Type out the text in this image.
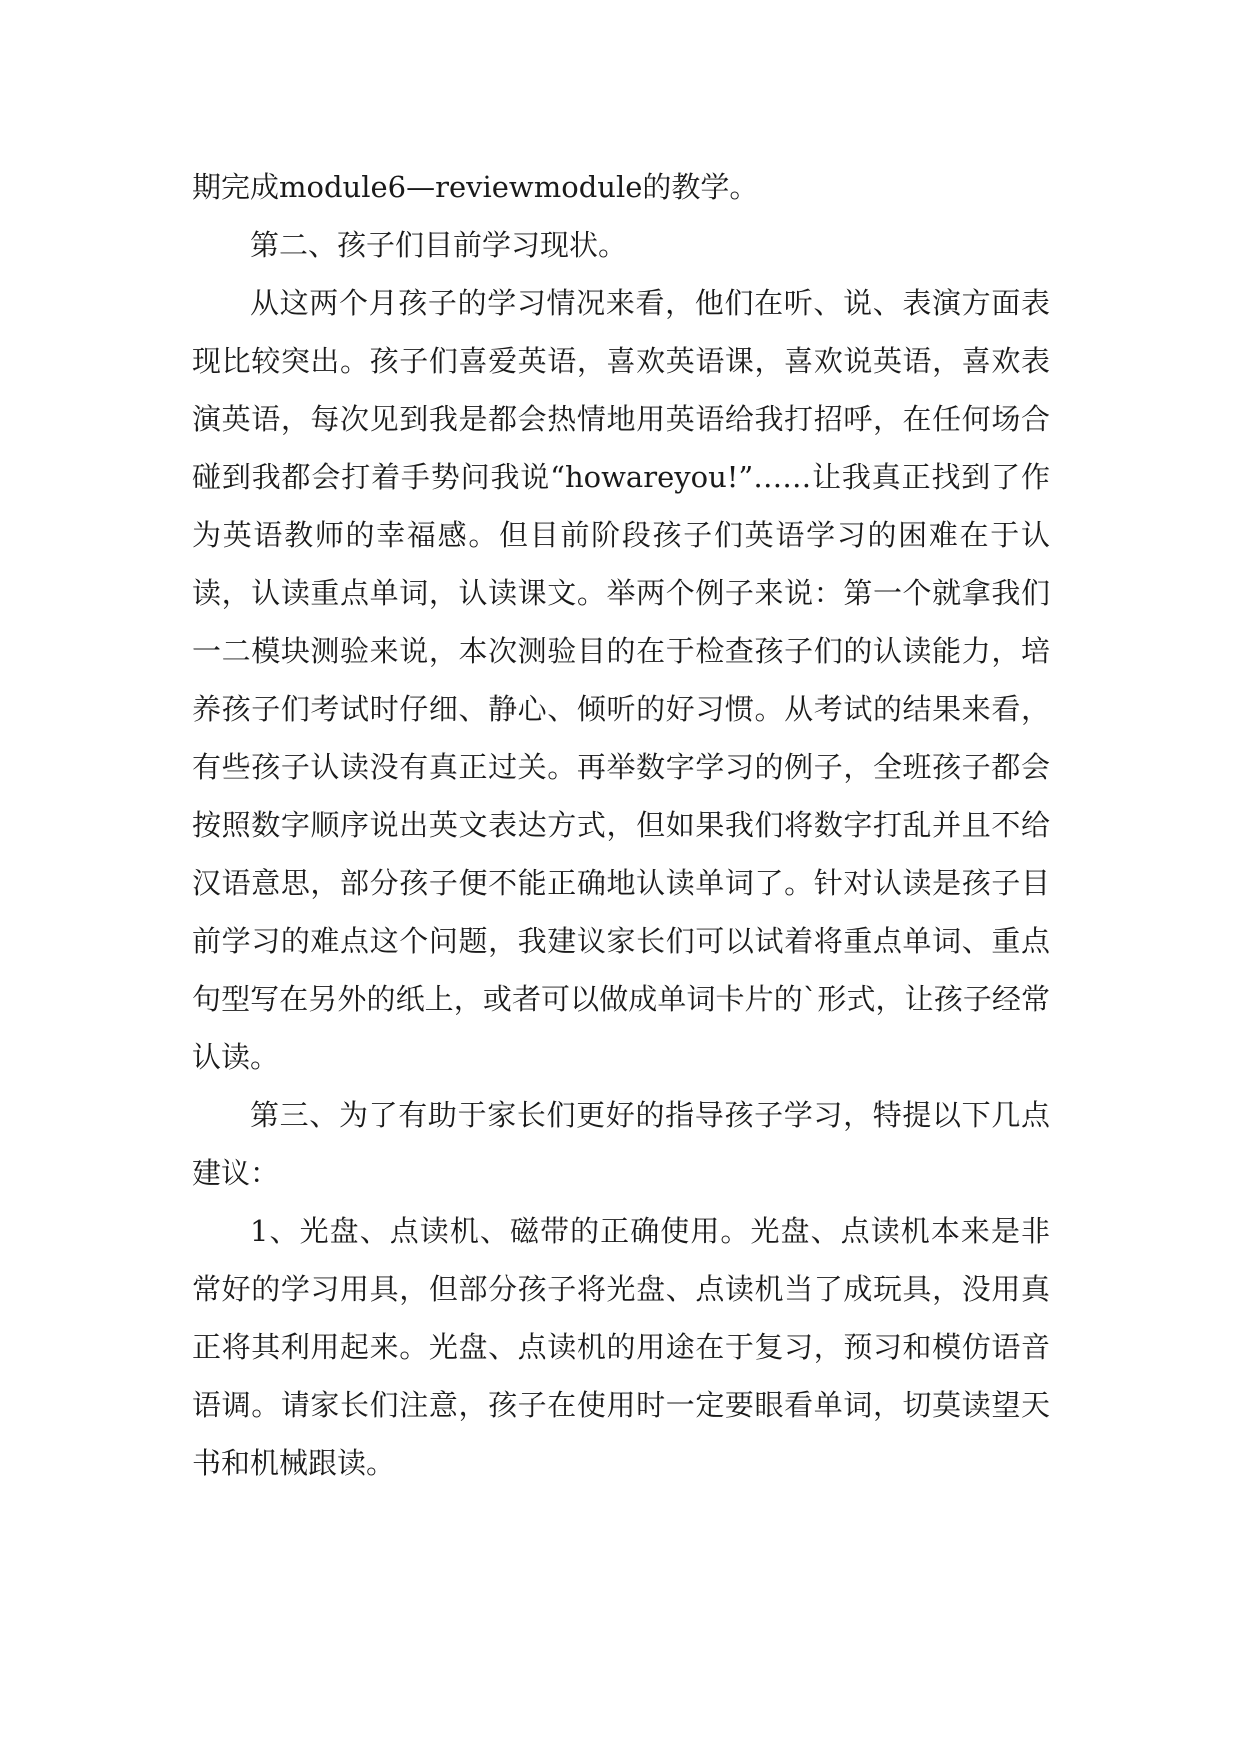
期完成module6—reviewmodule的教学。

第二、孩子们目前学习现状。

从这两个月孩子的学习情况来看，他们在听、说、表演方面表现比较突出。孩子们喜爱英语，喜欢英语课，喜欢说英语，喜欢表演英语，每次见到我是都会热情地用英语给我打招呼，在任何场合碰到我都会打着手势问我说“howareyou!”……让我真正找到了作为英语教师的幸福感。但目前阶段孩子们英语学习的困难在于认读，认读重点单词，认读课文。举两个例子来说：第一个就拿我们一二模块测验来说，本次测验目的在于检查孩子们的认读能力，培养孩子们考试时仔细、静心、倾听的好习惯。从考试的结果来看，有些孩子认读没有真正过关。再举数字学习的例子，全班孩子都会按照数字顺序说出英文表达方式，但如果我们将数字打乱并且不给汉语意思，部分孩子便不能正确地认读单词了。针对认读是孩子目前学习的难点这个问题，我建议家长们可以试着将重点单词、重点句型写在另外的纸上，或者可以做成单词卡片的`形式，让孩子经常认读。

第三、为了有助于家长们更好的指导孩子学习，特提以下几点建议：

1、光盘、点读机、磁带的正确使用。光盘、点读机本来是非常好的学习用具，但部分孩子将光盘、点读机当了成玩具，没用真正将其利用起来。光盘、点读机的用途在于复习，预习和模仿语音语调。请家长们注意，孩子在使用时一定要眼看单词，切莫读望天书和机械跟读。
